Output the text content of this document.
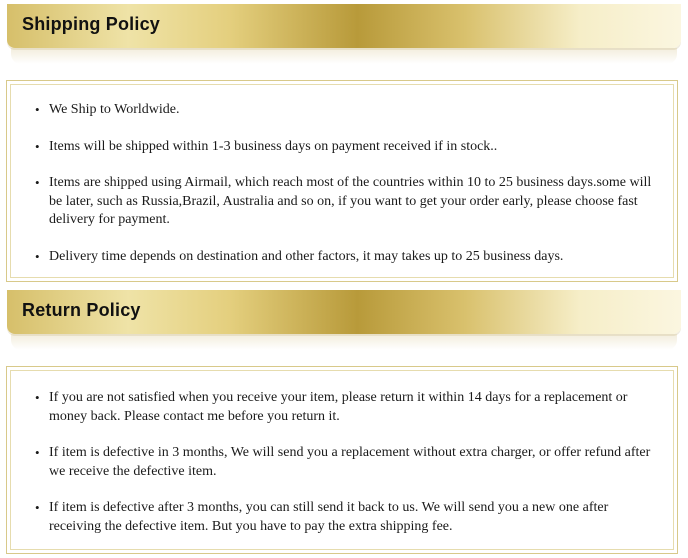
Shipping Policy
• We Ship to Worldwide.
• Items will be shipped within 1-3 business days on payment received if in stock..
• Items are shipped using Airmail, which reach most of the countries within 10 to 25 business days.some will be later, such as Russia,Brazil, Australia and so on, if you want to get your order early, please choose fast delivery for payment.
• Delivery time depends on destination and other factors, it may takes up to 25 business days.
Return Policy
• If you are not satisfied when you receive your item, please return it within 14 days for a replacement or money back. Please contact me before you return it.
• If item is defective in 3 months, We will send you a replacement without extra charger, or offer refund after we receive the defective item.
• If item is defective after 3 months, you can still send it back to us. We will send you a new one after receiving the defective item. But you have to pay the extra shipping fee.
